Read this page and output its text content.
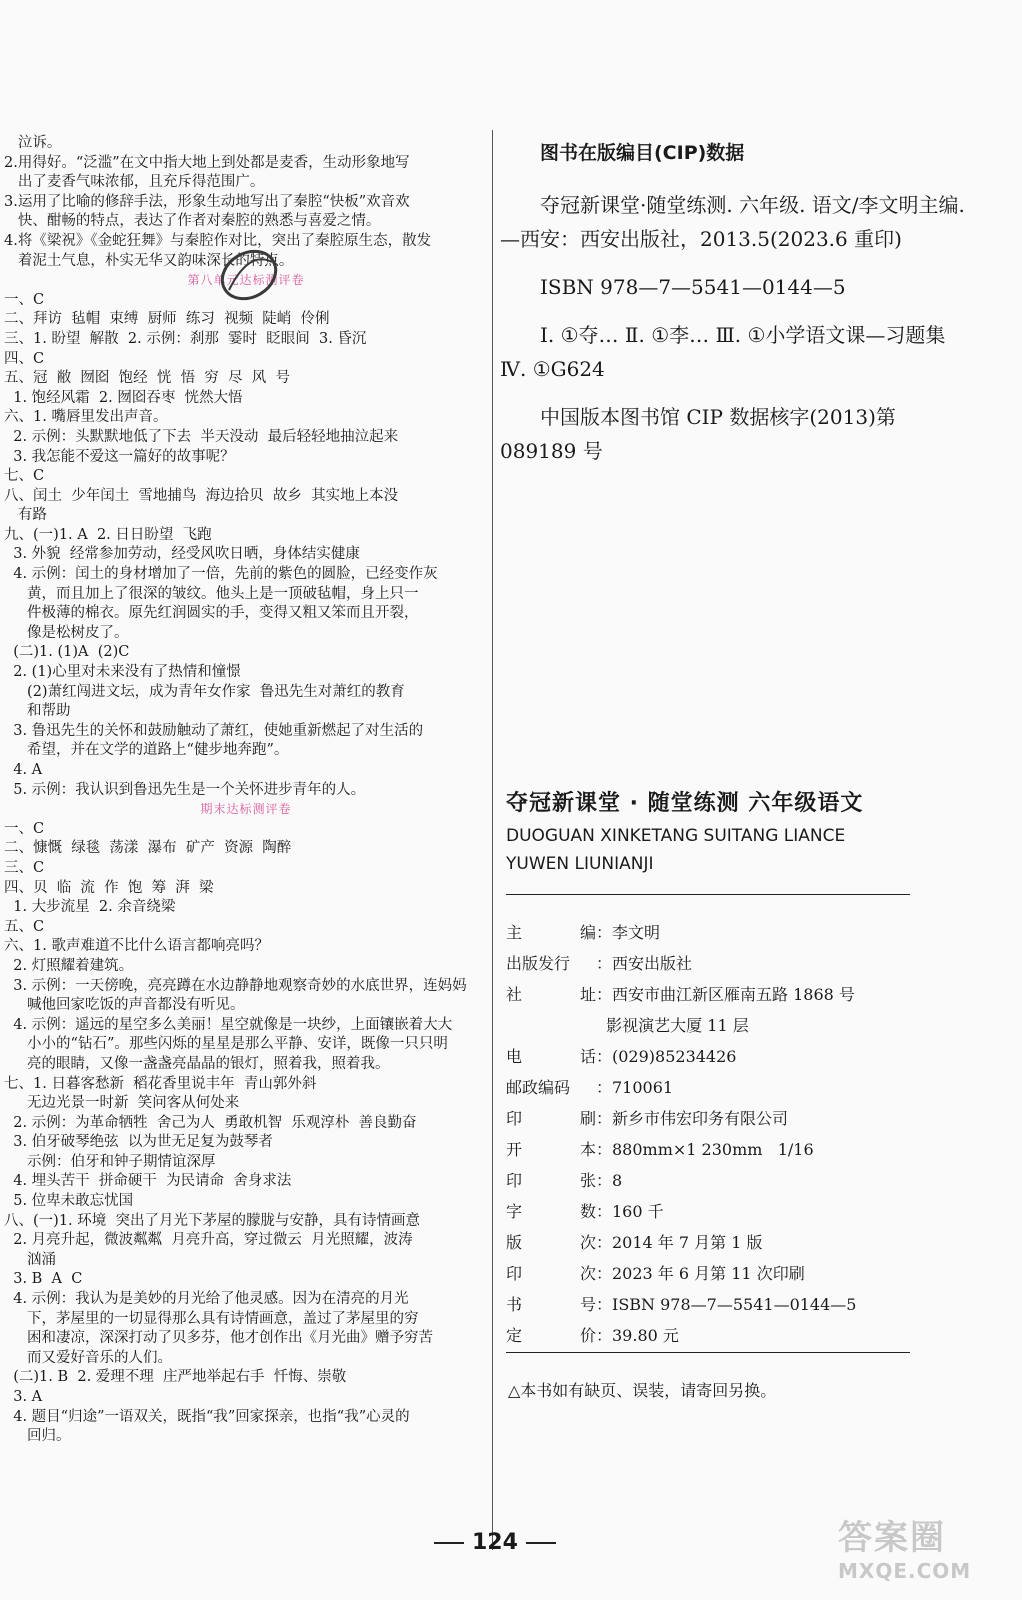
泣诉。
2.用得好。“泛滥”在文中指大地上到处都是麦香，生动形象地写
出了麦香气味浓郁，且充斥得范围广。
3.运用了比喻的修辞手法，形象生动地写出了秦腔“快板”欢音欢
快、酣畅的特点，表达了作者对秦腔的熟悉与喜爱之情。
4.将《梁祝》《金蛇狂舞》与秦腔作对比，突出了秦腔原生态，散发
着泥土气息，朴实无华又韵味深长的特点。
第八单元达标测评卷
一、C
二、拜访  毡帽  束缚  厨师  练习  视频  陡峭  伶俐
三、1. 盼望  解散  2. 示例：刹那  霎时  眨眼间  3. 昏沉
四、C
五、冠  敝  囫囵  饱经  恍  悟  穷  尽  风  号
1. 饱经风霜  2. 囫囵吞枣  恍然大悟
六、1. 嘴唇里发出声音。
2. 示例：头默默地低了下去  半天没动  最后轻轻地抽泣起来
3. 我怎能不爱这一篇好的故事呢？
七、C
八、闰土  少年闰土  雪地捕鸟  海边拾贝  故乡  其实地上本没
有路
九、(一)1. A  2. 日日盼望  飞跑
3. 外貌  经常参加劳动，经受风吹日晒，身体结实健康
4. 示例：闰土的身材增加了一倍，先前的紫色的圆脸，已经变作灰
黄，而且加上了很深的皱纹。他头上是一顶破毡帽，身上只一
件极薄的棉衣。原先红润圆实的手，变得又粗又笨而且开裂，
像是松树皮了。
(二)1. (1)A  (2)C
2. (1)心里对未来没有了热情和憧憬
(2)萧红闯进文坛，成为青年女作家  鲁迅先生对萧红的教育
和帮助
3. 鲁迅先生的关怀和鼓励触动了萧红，使她重新燃起了对生活的
希望，并在文学的道路上“健步地奔跑”。
4. A
5. 示例：我认识到鲁迅先生是一个关怀进步青年的人。
期末达标测评卷
一、C
二、慷慨  绿毯  荡漾  瀑布  矿产  资源  陶醉
三、C
四、贝  临  流  作  饱  筹  湃  梁
1. 大步流星  2. 余音绕梁
五、C
六、1. 歌声难道不比什么语言都响亮吗？
2. 灯照耀着建筑。
3. 示例：一天傍晚，亮亮蹲在水边静静地观察奇妙的水底世界，连妈妈
喊他回家吃饭的声音都没有听见。
4. 示例：遥远的星空多么美丽！星空就像是一块纱，上面镶嵌着大大
小小的“钻石”。那些闪烁的星星是那么平静、安详，既像一只只明
亮的眼睛，又像一盏盏亮晶晶的银灯，照着我，照着我。
七、1. 日暮客愁新  稻花香里说丰年  青山郭外斜
无边光景一时新  笑问客从何处来
2. 示例：为革命牺牲  舍己为人  勇敢机智  乐观淳朴  善良勤奋
3. 伯牙破琴绝弦  以为世无足复为鼓琴者
示例：伯牙和钟子期情谊深厚
4. 埋头苦干  拼命硬干  为民请命  舍身求法
5. 位卑未敢忘忧国
八、(一)1. 环境  突出了月光下茅屋的朦胧与安静，具有诗情画意
2. 月亮升起，微波粼粼  月亮升高，穿过微云  月光照耀，波涛
汹涌
3. B  A  C
4. 示例：我认为是美妙的月光给了他灵感。因为在清亮的月光
下，茅屋里的一切显得那么具有诗情画意，盖过了茅屋里的穷
困和凄凉，深深打动了贝多芬，他才创作出《月光曲》赠予穷苦
而又爱好音乐的人们。
(二)1. B  2. 爱理不理  庄严地举起右手  忏悔、崇敬
3. A
4. 题目“归途”一语双关，既指“我”回家探亲，也指“我”心灵的
回归。
图书在版编目(CIP)数据

夺冠新课堂·随堂练测. 六年级. 语文/李文明主编. —西安：西安出版社，2013.5(2023.6 重印)

ISBN 978—7—5541—0144—5

Ⅰ. ①夺… Ⅱ. ①李… Ⅲ. ①小学语文课—习题集 Ⅳ. ①G624

中国版本图书馆 CIP 数据核字(2013)第089189 号

夺冠新课堂 · 随堂练测 六年级语文
DUOGUAN XINKETANG SUITANG LIANCE
YUWEN LIUNIANJI
主	编 ：李文明
出版发行 ：西安出版社
社	址 ：西安市曲江新区雁南五路 1868 号
影视演艺大厦 11 层
电	话 ：(029)85234426
邮政编码 ：710061
印	刷 ：新乡市伟宏印务有限公司
开	本 ：880mm×1 230mm   1/16
印	张 ：8
字	数 ：160 千
版	次 ：2014 年 7 月第 1 版
印	次 ：2023 年 6 月第 11 次印刷
书	号 ：ISBN 978—7—5541—0144—5
定	价 ：39.80 元
△本书如有缺页、误装，请寄回另换。
124	答案圈
MXQE.COM
